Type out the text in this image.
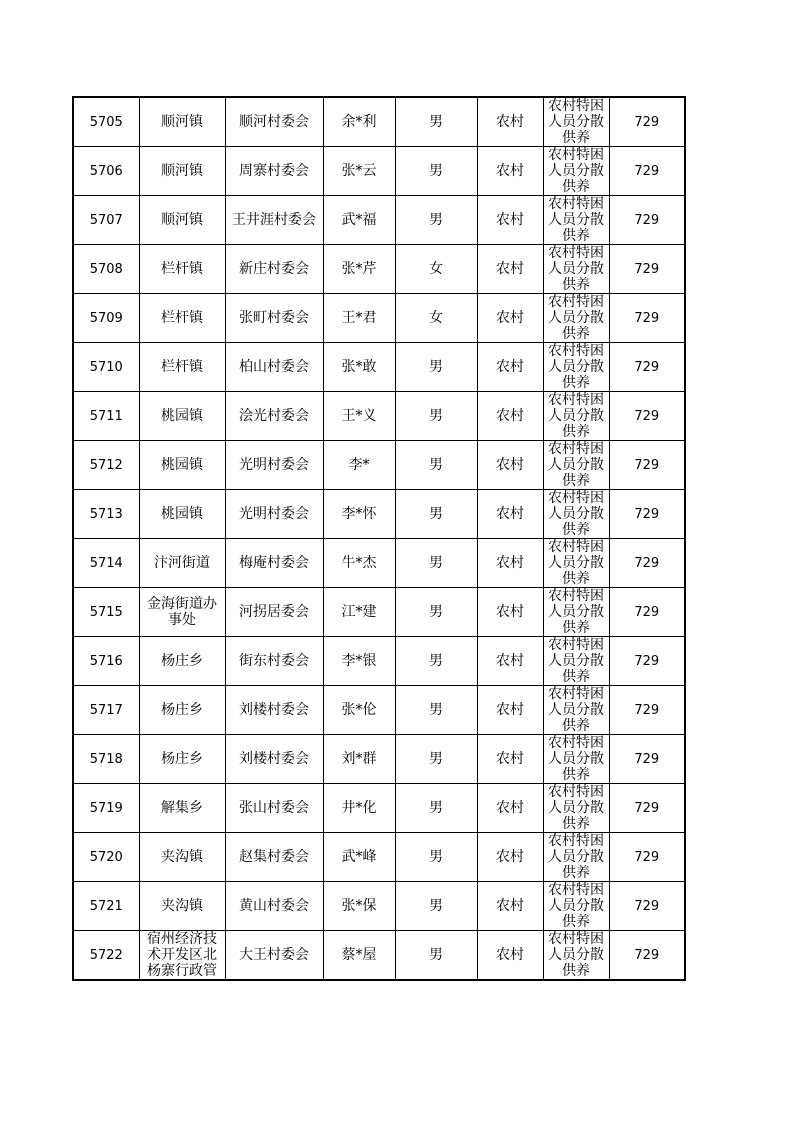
5705	顺河镇	顺河村委会	余*利	男	农村	农村特困人员分散供养	729
5706	顺河镇	周寨村委会	张*云	男	农村	农村特困人员分散供养	729
5707	顺河镇	王井涯村委会	武*福	男	农村	农村特困人员分散供养	729
5708	栏杆镇	新庄村委会	张*芹	女	农村	农村特困人员分散供养	729
5709	栏杆镇	张町村委会	王*君	女	农村	农村特困人员分散供养	729
5710	栏杆镇	柏山村委会	张*敢	男	农村	农村特困人员分散供养	729
5711	桃园镇	浍光村委会	王*义	男	农村	农村特困人员分散供养	729
5712	桃园镇	光明村委会	李*	男	农村	农村特困人员分散供养	729
5713	桃园镇	光明村委会	李*怀	男	农村	农村特困人员分散供养	729
5714	汴河街道	梅庵村委会	牛*杰	男	农村	农村特困人员分散供养	729
5715	金海街道办事处	河拐居委会	江*建	男	农村	农村特困人员分散供养	729
5716	杨庄乡	街东村委会	李*银	男	农村	农村特困人员分散供养	729
5717	杨庄乡	刘楼村委会	张*伦	男	农村	农村特困人员分散供养	729
5718	杨庄乡	刘楼村委会	刘*群	男	农村	农村特困人员分散供养	729
5719	解集乡	张山村委会	井*化	男	农村	农村特困人员分散供养	729
5720	夹沟镇	赵集村委会	武*峰	男	农村	农村特困人员分散供养	729
5721	夹沟镇	黄山村委会	张*保	男	农村	农村特困人员分散供养	729
5722	宿州经济技术开发区北杨寨行政管	大王村委会	蔡*屋	男	农村	农村特困人员分散供养	729
